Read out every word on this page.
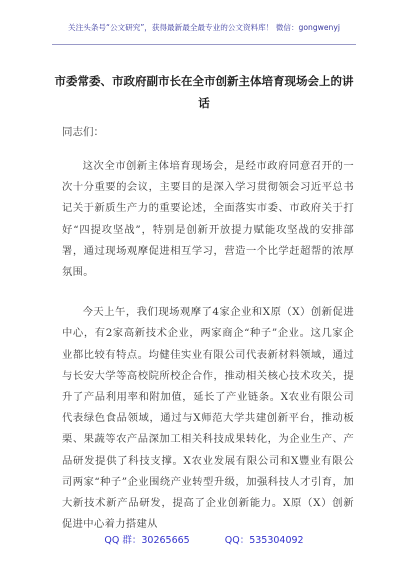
关注头条号“公文研究”，获得最新最全最专业的公文资料库！ 微信：gongwenyj
市委常委、市政府副市长在全市创新主体培育现场会上的讲话
同志们：

这次全市创新主体培育现场会，是经市政府同意召开的一次十分重要的会议，主要目的是深入学习贯彻领会习近平总书记关于新质生产力的重要论述，全面落实市委、市政府关于打好“四提攻坚战”，特别是创新开放提力赋能攻坚战的安排部署，通过现场观摩促进相互学习，营造一个比学赶超帮的浓厚氛围。

今天上午，我们现场观摩了4家企业和X原（X）创新促进中心，有2家高新技术企业，两家商企“种子”企业。这几家企业都比较有特点。均健佳实业有限公司代表新材料领域，通过与长安大学等高校院所校企合作，推动相关核心技术攻关，提升了产品利用率和附加值，延长了产业链条。X农业有限公司代表绿色食品领域，通过与X师范大学共建创新平台，推动板栗、果蔬等农产品深加工相关科技成果转化，为企业生产、产品研发提供了科技支撑。X农业发展有限公司和X豐业有限公司两家“种子”企业围绕产业转型升级，加强科技人才引育，加大新技术新产品研发，提高了企业创新能力。X原（X）创新促进中心着力搭建从

QQ 群：30265665	QQ：535304092
